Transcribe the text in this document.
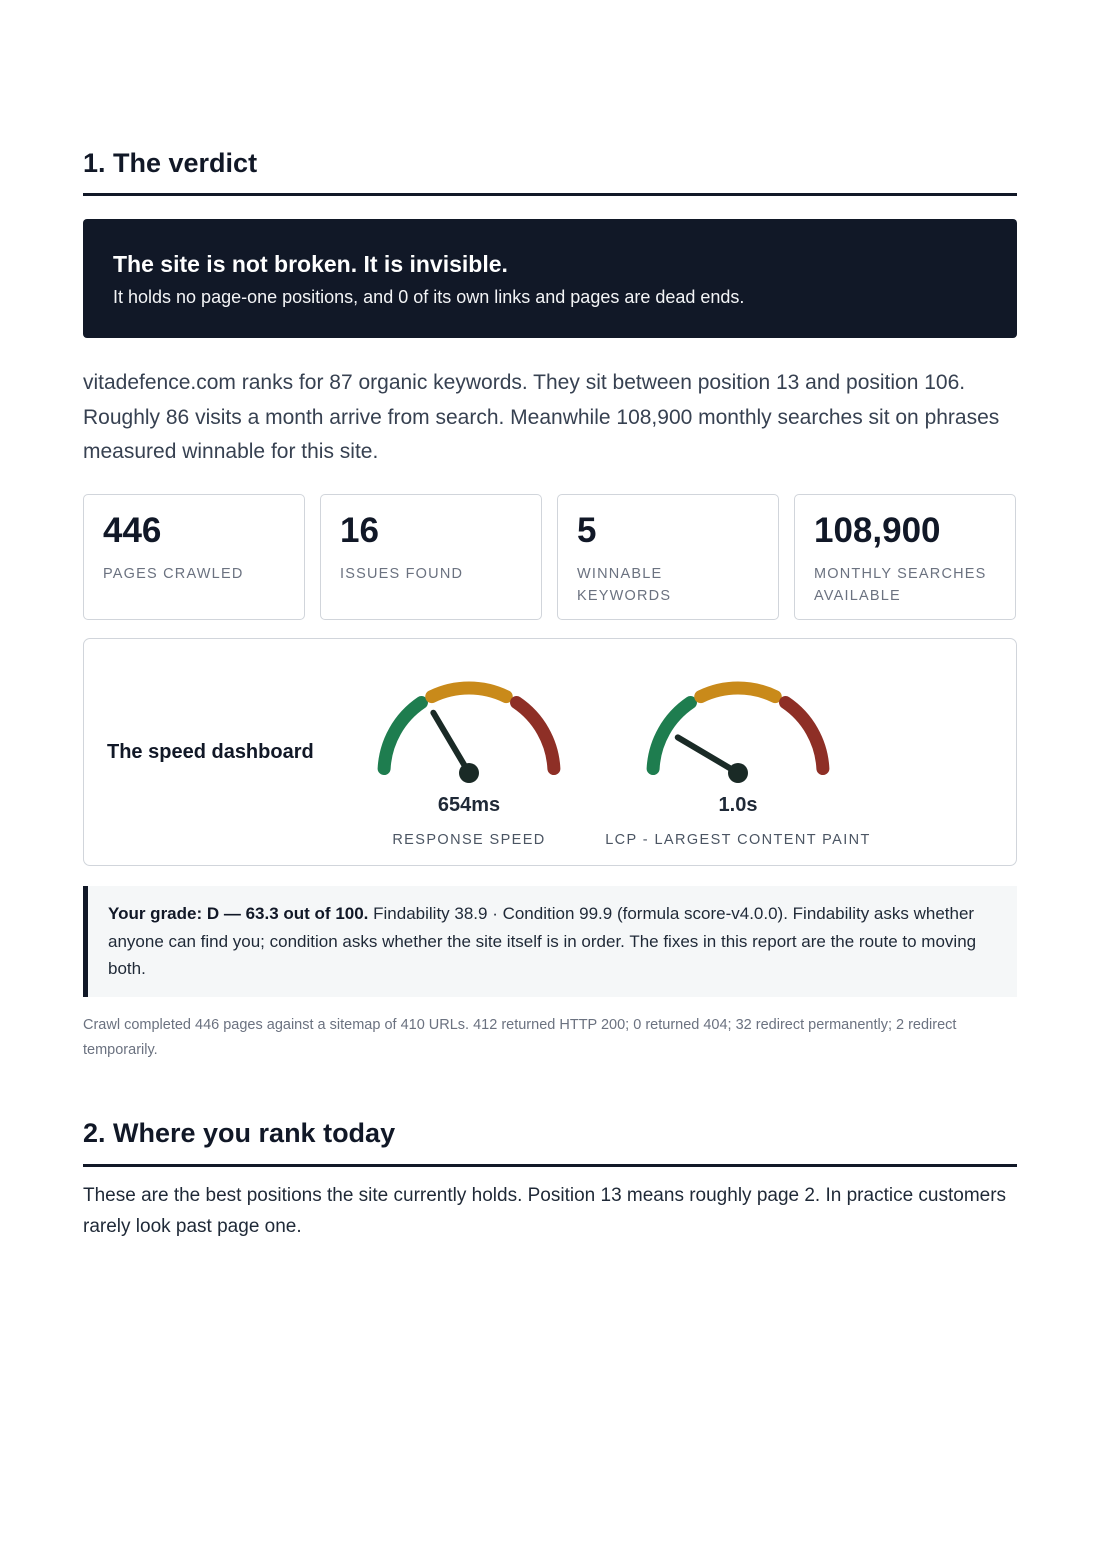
1. The verdict
The site is not broken. It is invisible.
It holds no page-one positions, and 0 of its own links and pages are dead ends.

vitadefence.com ranks for 87 organic keywords. They sit between position 13 and position 106. Roughly 86 visits a month arrive from search. Meanwhile 108,900 monthly searches sit on phrases measured winnable for this site.

446
PAGES CRAWLED
16
ISSUES FOUND
5
WINNABLE KEYWORDS
108,900
MONTHLY SEARCHES AVAILABLE
The speed dashboard
654ms
RESPONSE SPEED
1.0s
LCP - LARGEST CONTENT PAINT
Your grade: D — 63.3 out of 100. Findability 38.9 · Condition 99.9 (formula score-v4.0.0). Findability asks whether anyone can find you; condition asks whether the site itself is in order. The fixes in this report are the route to moving both.

Crawl completed 446 pages against a sitemap of 410 URLs. 412 returned HTTP 200; 0 returned 404; 32 redirect permanently; 2 redirect temporarily.

2. Where you rank today

These are the best positions the site currently holds. Position 13 means roughly page 2. In practice customers rarely look past page one.
